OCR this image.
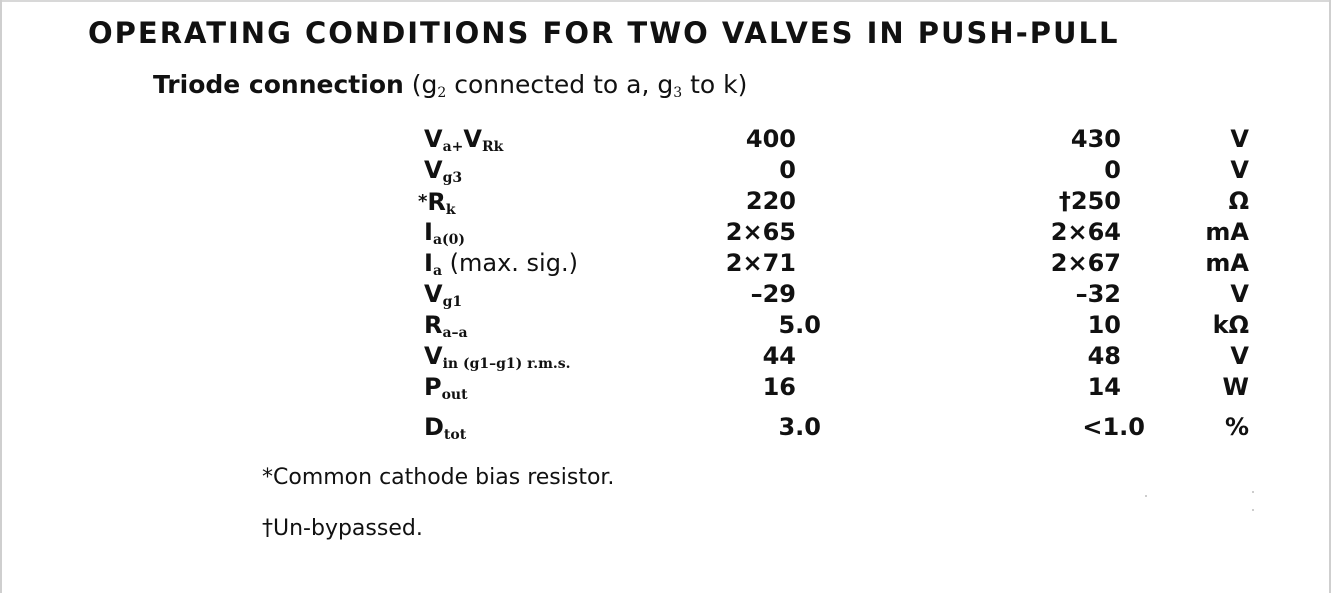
OPERATING CONDITIONS FOR TWO VALVES IN PUSH-PULL
Triode connection ($g_2$ connected to a, $g_3$ to k)
$V_{a+}V_{Rk}$	400	430	V
$V_{g3}$	0	0	V
$*R_k$	220	†250	Ω
$I_{a(0)}$	2×65	2×64	mA
$I_a$ (max. sig.)	2×71	2×67	mA
$V_{g1}$	–29	–32	V
$R_{a-a}$	5.0	10	kΩ
$V_{in (g1-g1) r.m.s.}$	44	48	V
$P_{out}$	16	14	W
$D_{tot}$	3.0	<1.0	%
*Common cathode bias resistor.
†Un-bypassed.
